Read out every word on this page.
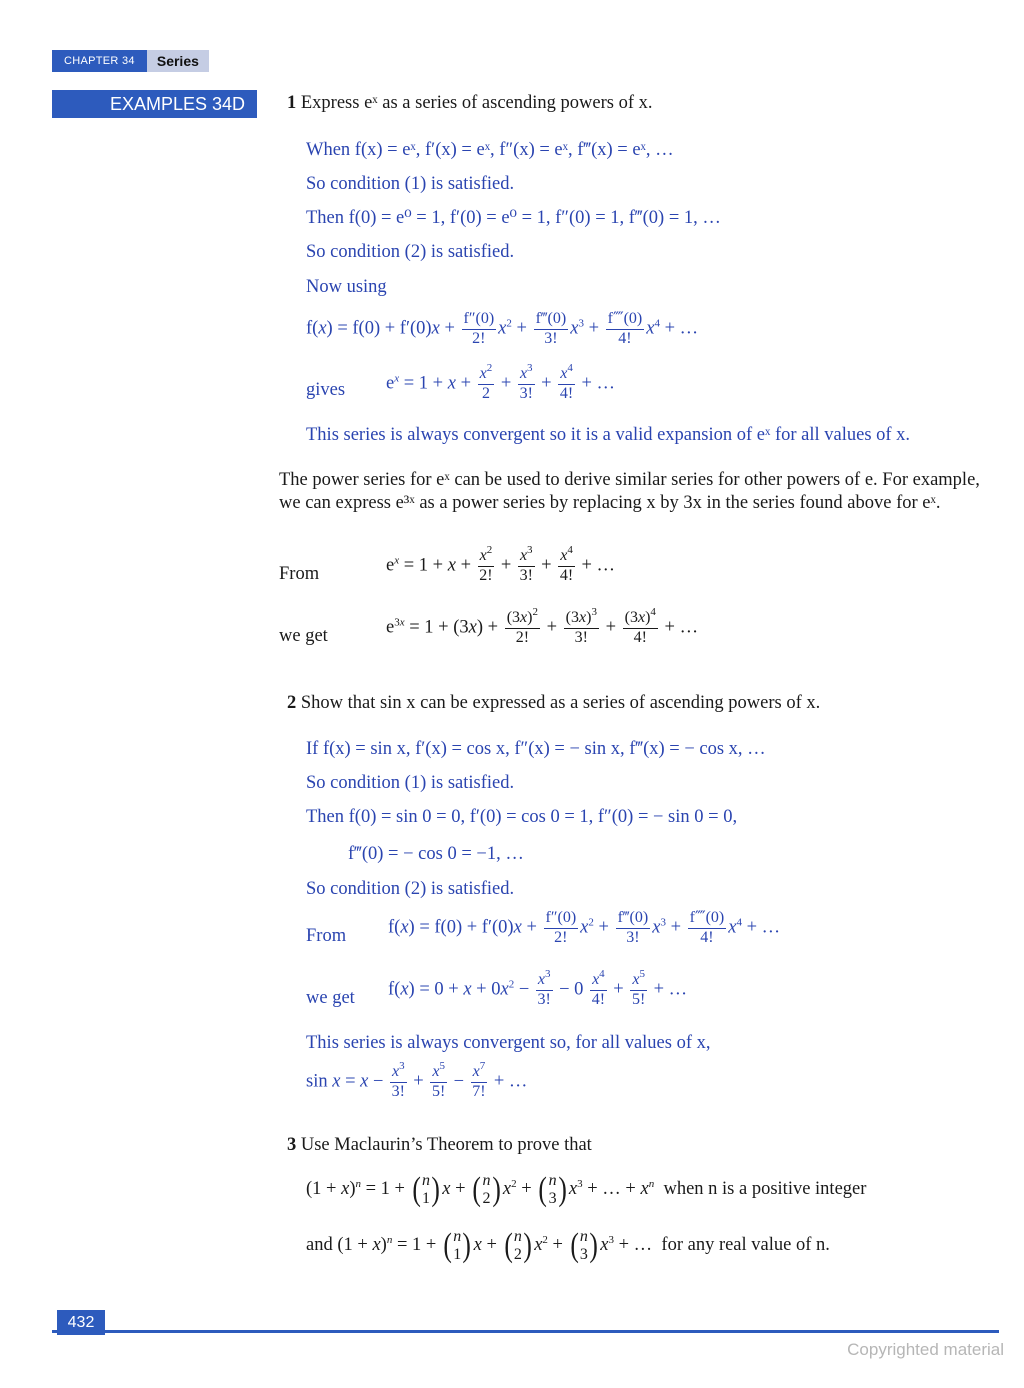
CHAPTER 34	Series
EXAMPLES 34D	1 Express eˣ as a series of ascending powers of x.
When f(x) = eˣ, f′(x) = eˣ, f″(x) = eˣ, f‴(x) = eˣ, …
So condition (1) is satisfied.
Then f(0) = e⁰ = 1, f′(0) = e⁰ = 1, f″(0) = 1, f‴(0) = 1, …
So condition (2) is satisfied.
Now using
$f(x) = f(0) + f'(0)x + \frac{f''(0)}{2!} x^2 + \frac{f‴(0)}{3!} x^3 + \frac{f⁗(0)}{4!} x^4$ + …
gives $e^x = 1 + x + \frac{x^2}{2} + \frac{x^3}{3!} + \frac{x^4}{4!}$ + …
This series is always convergent so it is a valid expansion of eˣ for all values of x.
The power series for eˣ can be used to derive similar series for other powers of e. For example, we can express e³ˣ as a power series by replacing x by 3x in the series found above for eˣ.
From	$e^x = 1 + x + \frac{x^2}{2!} + \frac{x^3}{3!} + \frac{x^4}{4!}$ + …
we get	$e^{3x} = 1 + (3x) + \frac{(3x)^2}{2!} + \frac{(3x)^3}{3!} + \frac{(3x)^4}{4!}$ + …
2 Show that sin x can be expressed as a series of ascending powers of x.
If f(x) = sin x, f′(x) = cos x, f″(x) = − sin x, f‴(x) = − cos x, …
So condition (1) is satisfied.
Then f(0) = sin 0 = 0, f′(0) = cos 0 = 1, f″(0) = − sin 0 = 0,
f‴(0) = − cos 0 = −1, …
So condition (2) is satisfied.
From $f(x) = f(0) + f'(0)x + \frac{f''(0)}{2!} x^2 + \frac{f‴(0)}{3!} x^3 + \frac{f⁗(0)}{4!} x^4$ + …
we get $f(x) = 0 + x + 0x^2 - \frac{x^3}{3!} - 0 \frac{x^4}{4!} + \frac{x^5}{5!}$ + …
This series is always convergent so, for all values of x,
$\sin x = x - \frac{x^3}{3!} + \frac{x^5}{5!} - \frac{x^7}{7!}$ + …
3 Use Maclaurin’s Theorem to prove that
$(1 + x)^n = 1$ + ( n
1 ) x + ( n
2 ) $x^2$ + ( n
3 ) $x^3$ + … + $x^n$ when n is a positive integer
and $(1 + x)^n = 1$ + ( n
1 ) x + ( n
2 ) $x^2$ + ( n
3 ) $x^3$ + …  for any real value of n.
432
Copyrighted material
